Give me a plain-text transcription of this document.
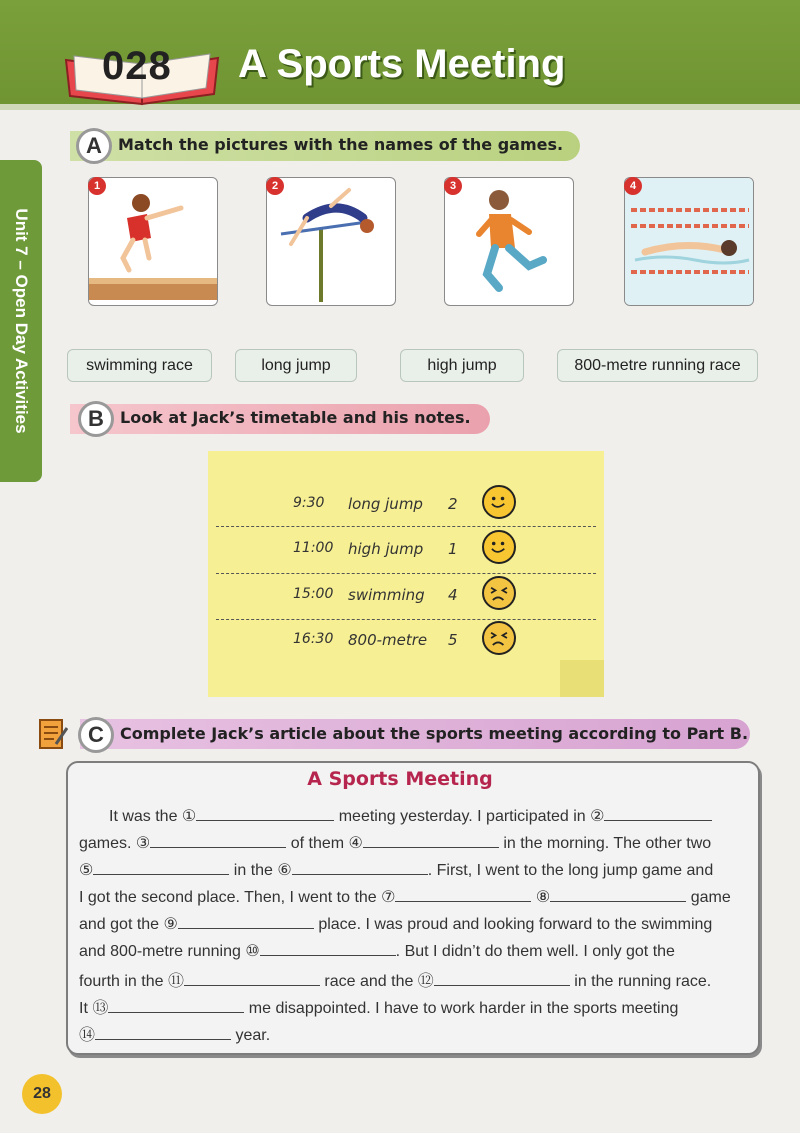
028 A Sports Meeting
Unit 7 – Open Day Activities
A	Match the pictures with the names of the games.
1	2	3	4
swimming race	long jump	high jump	800-metre running race
B	Look at Jack’s timetable and his notes.
9:30 long jump 2
11:00 high jump 1
15:00 swimming 4
16:30 800-metre 5
C	Complete Jack’s article about the sports meeting according to Part B.
A Sports Meeting
It was the ①	meeting yesterday. I participated in ②
games. ③	of them ④	in the morning. The other two
⑤	in the ⑥	. First, I went to the long jump game and
I got the second place. Then, I went to the ⑦	⑧	game
and got the ⑨	place. I was proud and looking forward to the swimming
and 800-metre running ⑩	. But I didn’t do them well. I only got the
fourth in the ⑪	race and the ⑫	in the running race.
It ⑬	me disappointed. I have to work harder in the sports meeting
⑭	year.
28
